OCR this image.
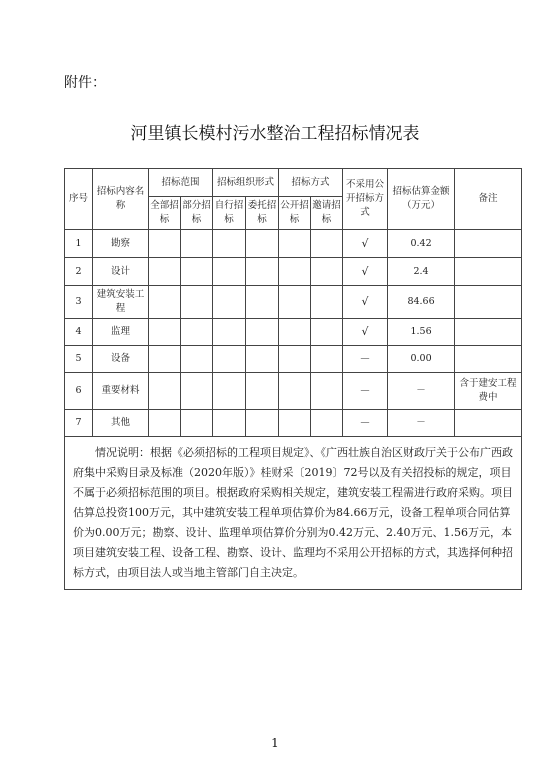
附件：
河里镇长模村污水整治工程招标情况表
序号	招标内容名称	招标范围		招标组织形式		招标方式		不采用公开招标方式	招标估算金额（万元）	备注
		全部招标	部分招标	自行招标	委托招标	公开招标	邀请招标			
1	勘察							√	0.42	
2	设计							√	2.4	
3	建筑安装工程							√	84.66	
4	监理							√	1.56	
5	设备							－	0.00	
6	重要材料							－	－	含于建安工程费中
7	其他							－	－	
情况说明：根据《必须招标的工程项目规定》、《广西壮族自治区财政厅关于公布广西政府集中采购目录及标准（2020年版）》桂财采〔2019〕72号以及有关招投标的规定，项目不属于必须招标范围的项目。根据政府采购相关规定，建筑安装工程需进行政府采购。项目估算总投资100万元，其中建筑安装工程单项估算价为84.66万元，设备工程单项合同估算价为0.00万元；勘察、设计、监理单项估算价分别为0.42万元、2.40万元、1.56万元，本项目建筑安装工程、设备工程、勘察、设计、监理均不采用公开招标的方式，其选择何种招标方式，由项目法人或当地主管部门自主决定。										
1
